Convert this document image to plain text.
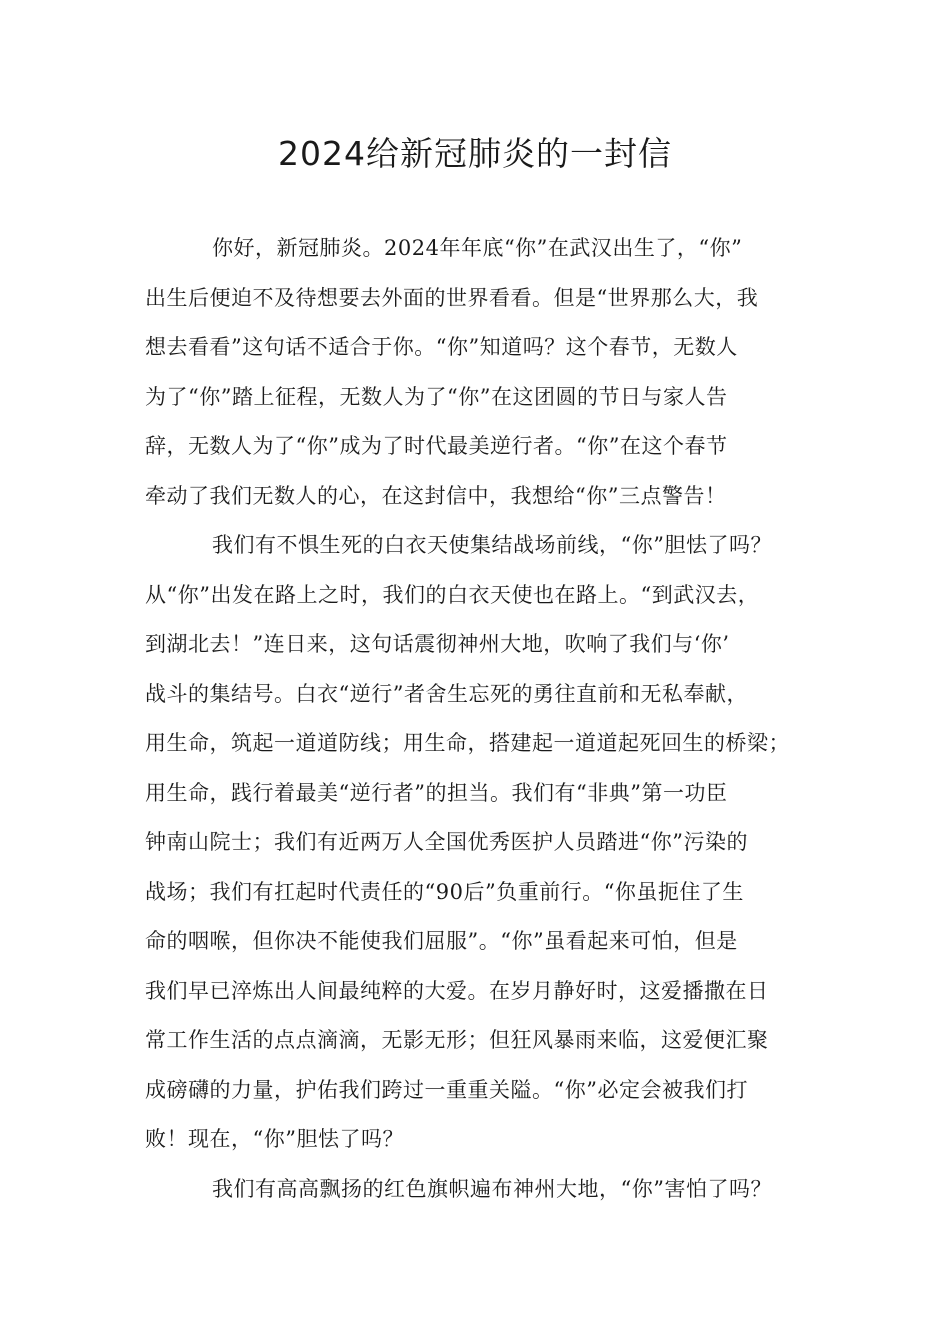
2024给新冠肺炎的一封信
你好，新冠肺炎。2024年年底“你”在武汉出生了，“你”
出生后便迫不及待想要去外面的世界看看。但是“世界那么大，我
想去看看”这句话不适合于你。“你”知道吗？这个春节，无数人
为了“你”踏上征程，无数人为了“你”在这团圆的节日与家人告
辞，无数人为了“你”成为了时代最美逆行者。“你”在这个春节
牵动了我们无数人的心，在这封信中，我想给“你”三点警告！
我们有不惧生死的白衣天使集结战场前线，“你”胆怯了吗？
从“你”出发在路上之时，我们的白衣天使也在路上。“到武汉去，
到湖北去！”连日来，这句话震彻神州大地，吹响了我们与‘你’
战斗的集结号。白衣“逆行”者舍生忘死的勇往直前和无私奉献，
用生命，筑起一道道防线；用生命，搭建起一道道起死回生的桥梁；
用生命，践行着最美“逆行者”的担当。我们有“非典”第一功臣
钟南山院士；我们有近两万人全国优秀医护人员踏进“你”污染的
战场；我们有扛起时代责任的“90后”负重前行。“你虽扼住了生
命的咽喉，但你决不能使我们屈服”。“你”虽看起来可怕，但是
我们早已淬炼出人间最纯粹的大爱。在岁月静好时，这爱播撒在日
常工作生活的点点滴滴，无影无形；但狂风暴雨来临，这爱便汇聚
成磅礴的力量，护佑我们跨过一重重关隘。“你”必定会被我们打
败！现在，“你”胆怯了吗？
我们有高高飘扬的红色旗帜遍布神州大地，“你”害怕了吗？
